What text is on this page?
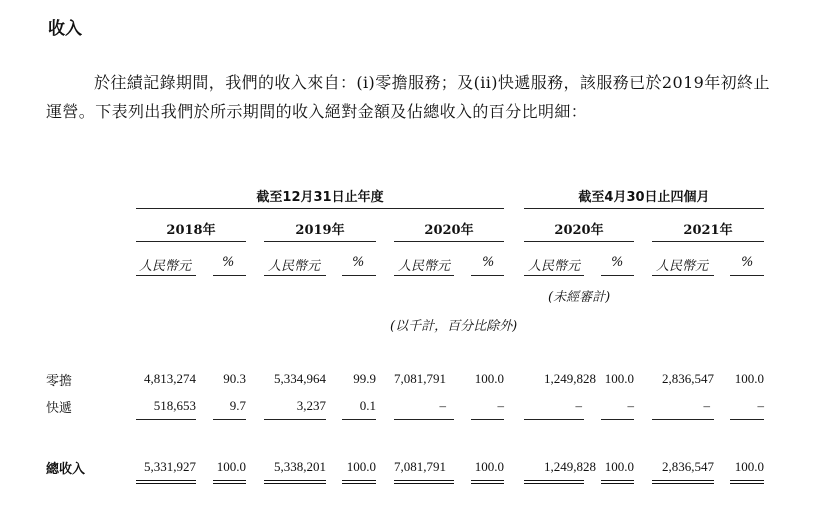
收入
於往績記錄期間，我們的收入來自：(i)零擔服務；及(ii)快遞服務，該服務已於2019年初終止運營。下表列出我們於所示期間的收入絕對金額及佔總收入的百分比明細：
截至12月31日止年度	截至4月30日止四個月
2018年	2019年	2020年	2020年	2021年
人民幣元 %	人民幣元 %	人民幣元 %	人民幣元 %	人民幣元	%
(未經審計)
(以千計，百分比除外)
零擔	4,813,274 90.3 5,334,964 99.9 7,081,791 100.0	1,249,828 100.0 2,836,547 100.0
快遞	518,653	9.7	3,237	0.1	–	–	–	–	–	–
總收入	5,331,927 100.0 5,338,201 100.0 7,081,791 100.0	1,249,828 100.0 2,836,547 100.0
